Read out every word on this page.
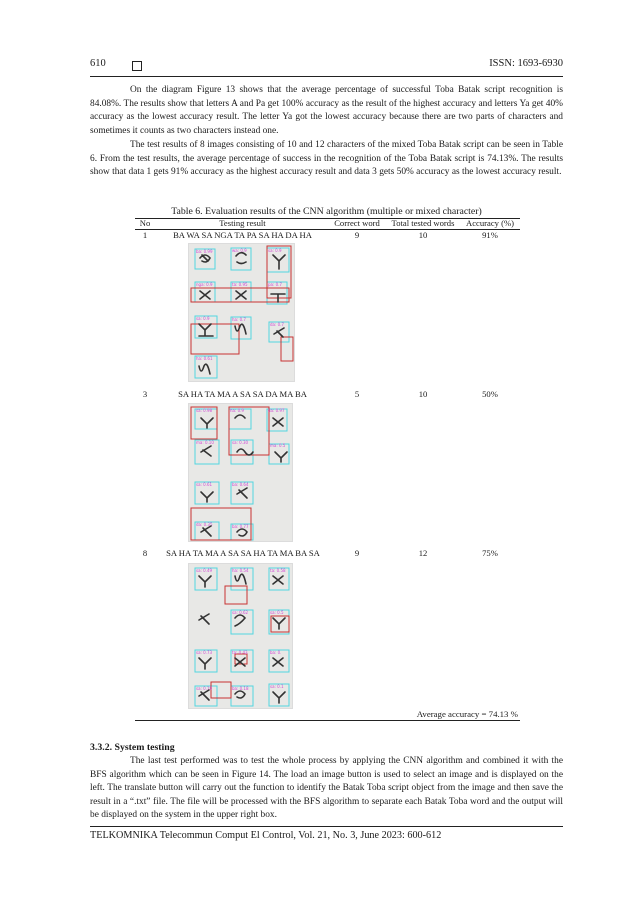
610	ISSN: 1693-6930

On the diagram Figure 13 shows that the average percentage of successful Toba Batak script recognition is 84.08%. The results show that letters A and Pa get 100% accuracy as the result of the highest accuracy and letters Ya get 40% accuracy as the lowest accuracy result. The letter Ya got the lowest accuracy because there are two parts of characters and sometimes it counts as two characters instead one.

The test results of 8 images consisting of 10 and 12 characters of the mixed Toba Batak script can be seen in Table 6. From the test results, the average percentage of success in the recognition of the Toba Batak script is 74.13%. The results show that data 1 gets 91% accuracy as the highest accuracy result and data 3 gets 50% accuracy as the lowest accuracy result.

Table 6. Evaluation results of the CNN algorithm (multiple or mixed character)
No	Testing result	Correct word	Total tested words	Accuracy (%)
1	BA WA SA NGA TA PA SA HA DA HA	9	10	91%
ba: 0.99	wa: 0.9	sa: 0.9
nga: 0.9	ta: 0.95	pa: 0.7
sa: 0.9	ha: 0.7
da: 0.7
ha: 0.61
3	SA HA TA MA A SA SA DA MA BA	5	10	50%
sa: 0.98	ha: 0.9	da: 0.97
ma: 0.10	sa: 0.30
ma: 0.5
sa: 0.61	ba: 0.64
da: 0.35	ba: 0.77
8	SA HA TA MA A SA SA HA TA MA BA SA	9	12	75%
sa: 0.49	ha: 0.54	ta: 0.58
sa: 0.62	sa: 0.5
sa: 0.73	ta: 0.43	ba: 0.
sa: 0.19	ba: 0.18	sa: 0.1
Average accuracy = 74.13 %
3.3.2. System testing

The last test performed was to test the whole process by applying the CNN algorithm and combined it with the BFS algorithm which can be seen in Figure 14. The load an image button is used to select an image and is displayed on the left. The translate button will carry out the function to identify the Batak Toba script object from the image and then save the result in a “.txt” file. The file will be processed with the BFS algorithm to separate each Batak Toba word and the output will be displayed on the system in the upper right box.

TELKOMNIKA Telecommun Comput El Control, Vol. 21, No. 3, June 2023: 600-612
